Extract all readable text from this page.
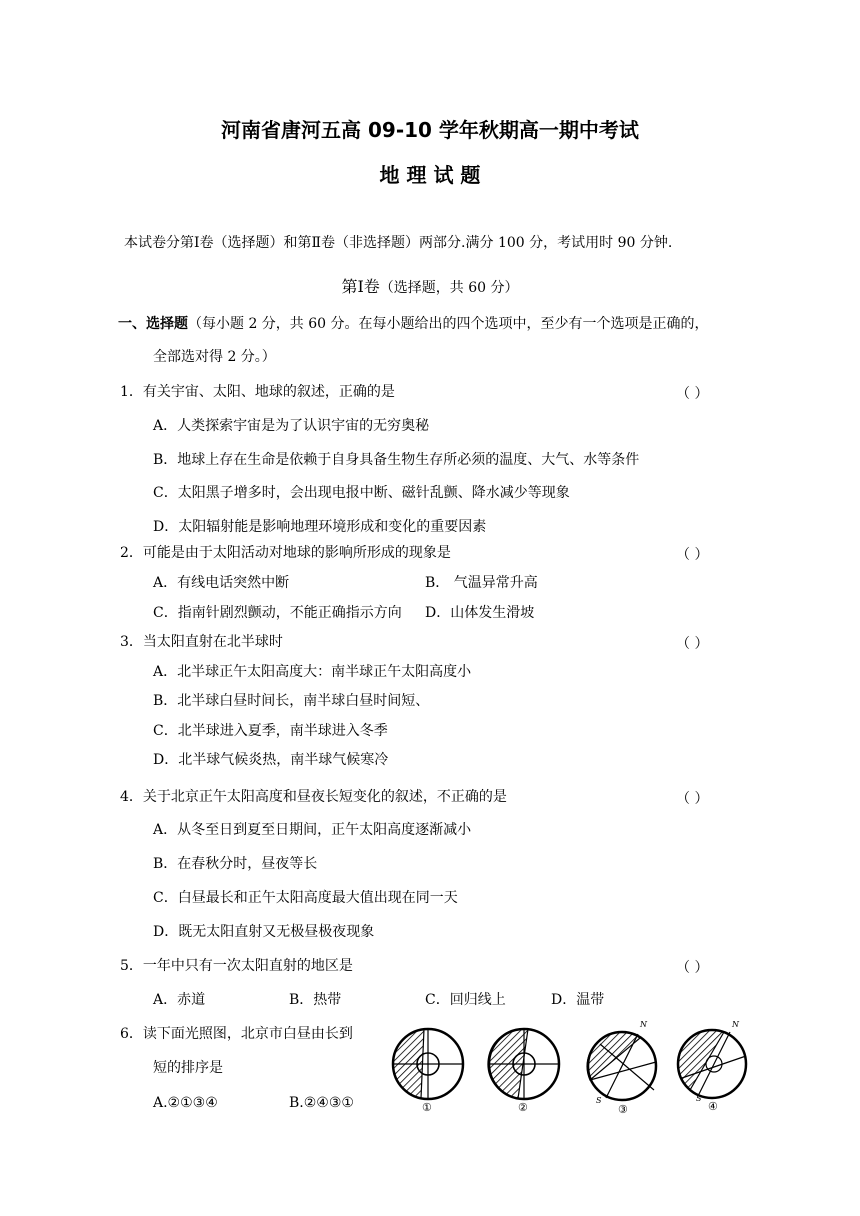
河南省唐河五高 09-10 学年秋期高一期中考试
地 理 试 题
本试卷分第Ⅰ卷（选择题）和第Ⅱ卷（非选择题）两部分.满分 100 分，考试用时 90 分钟.
第Ⅰ卷（选择题，共 60 分）
一、选择题（每小题 2 分，共 60 分。在每小题给出的四个选项中，至少有一个选项是正确的，
全部选对得 2 分。）
1．有关宇宙、太阳、地球的叙述，正确的是	（ ）
A．人类探索宇宙是为了认识宇宙的无穷奥秘
B．地球上存在生命是依赖于自身具备生物生存所必须的温度、大气、水等条件
C．太阳黑子增多时，会出现电报中断、磁针乱颤、降水减少等现象
D．太阳辐射能是影响地理环境形成和变化的重要因素
2．可能是由于太阳活动对地球的影响所形成的现象是	（ ）
A．有线电话突然中断	B． 气温异常升高
C．指南针剧烈颤动，不能正确指示方向 D．山体发生滑坡
3．当太阳直射在北半球时	（ ）
A．北半球正午太阳高度大：南半球正午太阳高度小
B．北半球白昼时间长，南半球白昼时间短、
C．北半球进入夏季，南半球进入冬季
D．北半球气候炎热，南半球气候寒冷
4．关于北京正午太阳高度和昼夜长短变化的叙述，不正确的是	（ ）
A．从冬至日到夏至日期间，正午太阳高度逐渐减小
B．在春秋分时，昼夜等长
C．白昼最长和正午太阳高度最大值出现在同一天
D．既无太阳直射又无极昼极夜现象
5．一年中只有一次太阳直射的地区是	（ ）
A．赤道	B．热带	C．回归线上	D．温带
6．读下面光照图，北京市白昼由长到
短的排序是
A.②①③④	B.②④③①	①	②
N
S
③
N
S
④
